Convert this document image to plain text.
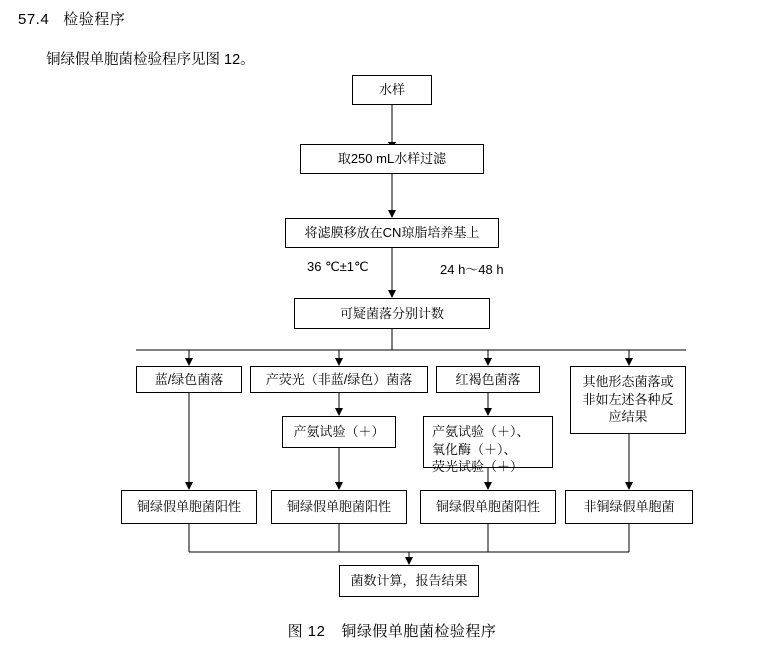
57.4 检验程序
铜绿假单胞菌检验程序见图 12。
水样
取250 mL水样过滤
将滤膜移放在CN琼脂培养基上
36 ℃±1℃	24 h～48 h
可疑菌落分别计数
蓝/绿色菌落	产荧光（非蓝/绿色）菌落	红褐色菌落	其他形态菌落或
非如左述各种反
应结果
产氨试验（＋）	产氨试验（＋）、
氧化酶（＋）、
荧光试验（＋）
铜绿假单胞菌阳性	铜绿假单胞菌阳性	铜绿假单胞菌阳性	非铜绿假单胞菌
菌数计算，报告结果
图 12 铜绿假单胞菌检验程序
